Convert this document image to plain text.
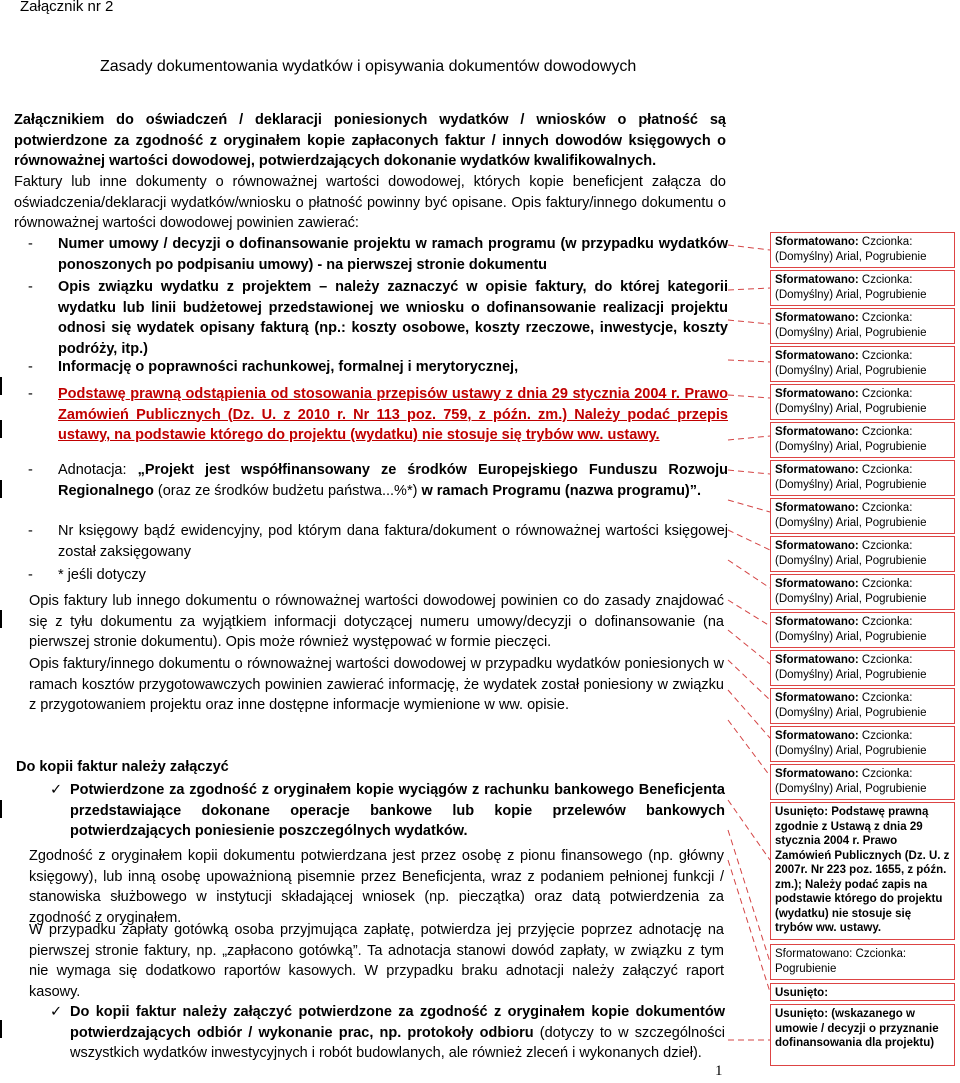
Załącznik nr 2
Zasady dokumentowania wydatków i opisywania dokumentów dowodowych
Załącznikiem do oświadczeń / deklaracji poniesionych wydatków / wniosków o płatność są potwierdzone za zgodność z oryginałem kopie zapłaconych faktur / innych dowodów księgowych o równoważnej wartości dowodowej, potwierdzających dokonanie wydatków kwalifikowalnych.
Faktury lub inne dokumenty o równoważnej wartości dowodowej, których kopie beneficjent załącza do oświadczenia/deklaracji wydatków/wniosku o płatność powinny być opisane. Opis faktury/innego dokumentu o równoważnej wartości dowodowej powinien zawierać:
-	Numer umowy / decyzji o dofinansowanie projektu w ramach programu (w przypadku wydatków ponoszonych po podpisaniu umowy) - na pierwszej stronie dokumentu
-	Opis związku wydatku z projektem – należy zaznaczyć w opisie faktury, do której kategorii wydatku lub linii budżetowej przedstawionej we wniosku o dofinansowanie realizacji projektu odnosi się wydatek opisany fakturą (np.: koszty osobowe, koszty rzeczowe, inwestycje, koszty podróży, itp.)
-	Informację o poprawności rachunkowej, formalnej i merytorycznej,
-	Podstawę prawną odstąpienia od stosowania przepisów ustawy z dnia 29 stycznia 2004 r. Prawo Zamówień Publicznych (Dz. U. z 2010 r. Nr 113 poz. 759, z późn. zm.) Należy podać przepis ustawy, na podstawie którego do projektu (wydatku) nie stosuje się trybów ww. ustawy.
-	Adnotacja: „Projekt jest współfinansowany ze środków Europejskiego Funduszu Rozwoju Regionalnego (oraz ze środków budżetu państwa...%*) w ramach Programu (nazwa programu)”.
-	Nr księgowy bądź ewidencyjny, pod którym dana faktura/dokument o równoważnej wartości księgowej został zaksięgowany
-	* jeśli dotyczy
Opis faktury lub innego dokumentu o równoważnej wartości dowodowej powinien co do zasady znajdować się z tyłu dokumentu za wyjątkiem informacji dotyczącej numeru umowy/decyzji o dofinansowanie (na pierwszej stronie dokumentu). Opis może również występować w formie pieczęci.
Opis faktury/innego dokumentu o równoważnej wartości dowodowej w przypadku wydatków poniesionych w ramach kosztów przygotowawczych powinien zawierać informację, że wydatek został poniesiony w związku z przygotowaniem projektu oraz inne dostępne informacje wymienione w ww. opisie.
Do kopii faktur należy załączyć
✓ Potwierdzone za zgodność z oryginałem kopie wyciągów z rachunku bankowego Beneficjenta przedstawiające dokonane operacje bankowe lub kopie przelewów bankowych potwierdzających poniesienie poszczególnych wydatków.
Zgodność z oryginałem kopii dokumentu potwierdzana jest przez osobę z pionu finansowego (np. główny księgowy), lub inną osobę upoważnioną pisemnie przez Beneficjenta, wraz z podaniem pełnionej funkcji / stanowiska służbowego w instytucji składającej wniosek (np. pieczątka) oraz datą potwierdzenia za zgodność z oryginałem.
W przypadku zapłaty gotówką osoba przyjmująca zapłatę, potwierdza jej przyjęcie poprzez adnotację na pierwszej stronie faktury, np. „zapłacono gotówką”. Ta adnotacja stanowi dowód zapłaty, w związku z tym nie wymaga się dodatkowo raportów kasowych. W przypadku braku adnotacji należy załączyć raport kasowy.
✓ Do kopii faktur należy załączyć potwierdzone za zgodność z oryginałem kopie dokumentów potwierdzających odbiór / wykonanie prac, np. protokoły odbioru (dotyczy to w szczególności wszystkich wydatków inwestycyjnych i robót budowlanych, ale również zleceń i wykonanych dzieł).
1
Sformatowano: Czcionka: (Domyślny) Arial, Pogrubienie
Sformatowano: Czcionka: (Domyślny) Arial, Pogrubienie
Sformatowano: Czcionka: (Domyślny) Arial, Pogrubienie
Sformatowano: Czcionka: (Domyślny) Arial, Pogrubienie
Sformatowano: Czcionka: (Domyślny) Arial, Pogrubienie
Sformatowano: Czcionka: (Domyślny) Arial, Pogrubienie
Sformatowano: Czcionka: (Domyślny) Arial, Pogrubienie
Sformatowano: Czcionka: (Domyślny) Arial, Pogrubienie
Sformatowano: Czcionka: (Domyślny) Arial, Pogrubienie
Sformatowano: Czcionka: (Domyślny) Arial, Pogrubienie
Sformatowano: Czcionka: (Domyślny) Arial, Pogrubienie
Sformatowano: Czcionka: (Domyślny) Arial, Pogrubienie
Sformatowano: Czcionka: (Domyślny) Arial, Pogrubienie
Sformatowano: Czcionka: (Domyślny) Arial, Pogrubienie
Sformatowano: Czcionka: (Domyślny) Arial, Pogrubienie
Usunięto: Podstawę prawną zgodnie z Ustawą z dnia 29 stycznia 2004 r. Prawo Zamówień Publicznych (Dz. U. z 2007r. Nr 223 poz. 1655, z późn. zm.); Należy podać zapis na podstawie którego do projektu (wydatku) nie stosuje się trybów ww. ustawy.
Sformatowano: Czcionka: Pogrubienie
Usunięto:
Usunięto: (wskazanego w umowie / decyzji o przyznanie dofinansowania dla projektu)
